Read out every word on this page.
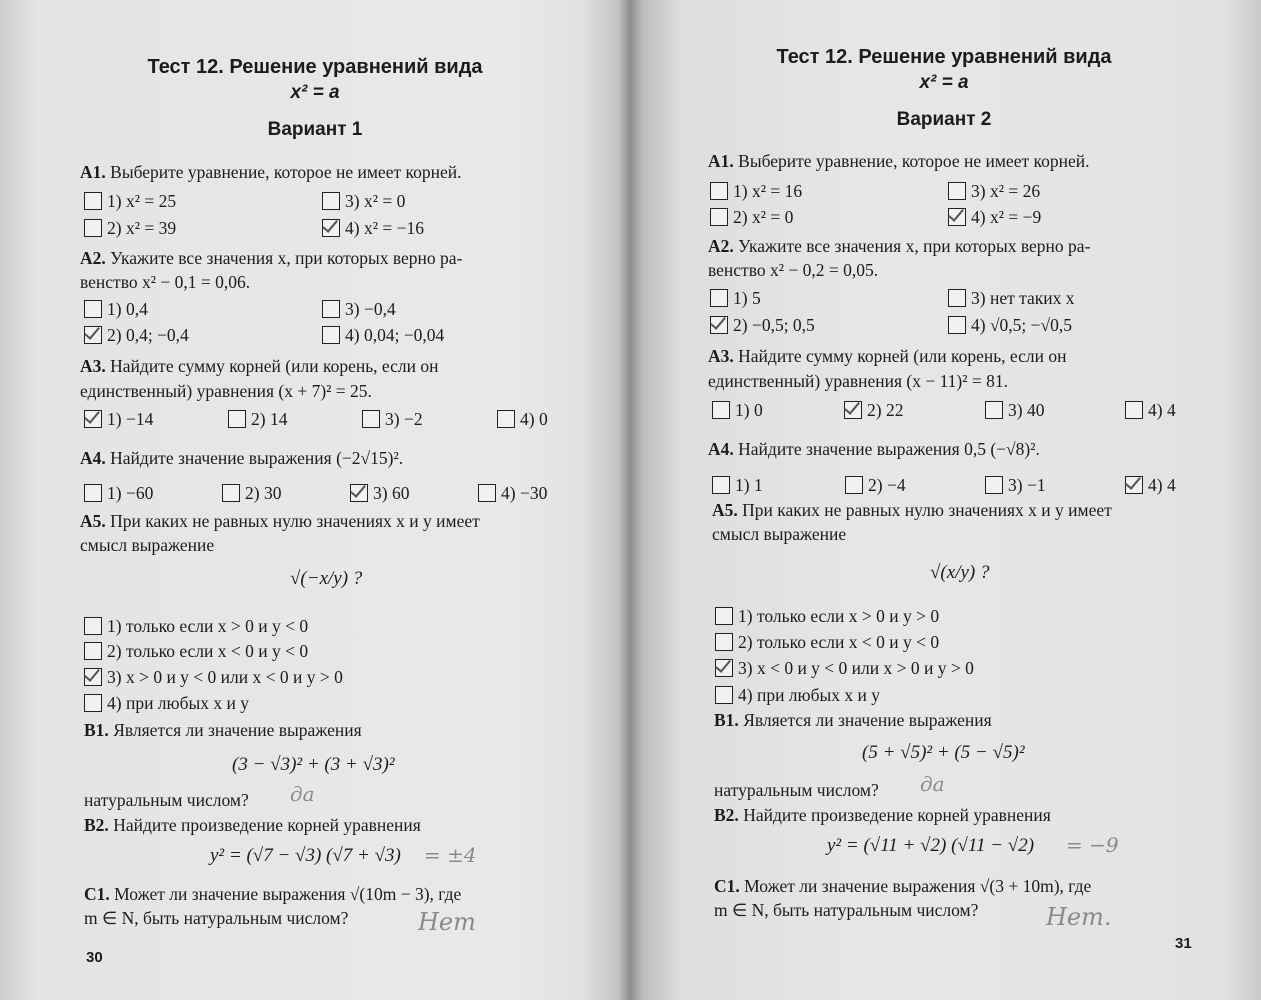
Тест 12. Решение уравнений вида
x² = a
Вариант 1
A1. Выберите уравнение, которое не имеет корней.
1) x² = 25
2) x² = 39
3) x² = 0
4) x² = −16
A2. Укажите все значения x, при которых верно ра-
венство x² − 0,1 = 0,06.
1) 0,4
2) 0,4; −0,4
3) −0,4
4) 0,04; −0,04
A3. Найдите сумму корней (или корень, если он
единственный) уравнения (x + 7)² = 25.
1) −14	2) 14	3) −2	4) 0
A4. Найдите значение выражения (−2√15)².
1) −60	2) 30	3) 60	4) −30
A5. При каких не равных нулю значениях x и y имеет
смысл выражение
√(−x/y) ?
1) только если x > 0 и y < 0
2) только если x < 0 и y < 0
3) x > 0 и y < 0 или x < 0 и y > 0
4) при любых x и y
B1. Является ли значение выражения
(3 − √3)² + (3 + √3)²
натуральным числом? да
B2. Найдите произведение корней уравнения
y² = (√7 − √3) (√7 + √3) = ±4
C1. Может ли значение выражения √(10m − 3), где
m ∈ N, быть натуральным числом?	Нет
30
Тест 12. Решение уравнений вида
x² = a
Вариант 2
A1. Выберите уравнение, которое не имеет корней.
1) x² = 16
2) x² = 0
3) x² = 26
4) x² = −9
A2. Укажите все значения x, при которых верно ра-
венство x² − 0,2 = 0,05.
1) 5
2) −0,5; 0,5
3) нет таких x
4) √0,5; −√0,5
A3. Найдите сумму корней (или корень, если он
единственный) уравнения (x − 11)² = 81.
1) 0	2) 22	3) 40	4) 4
A4. Найдите значение выражения 0,5 (−√8)².
1) 1	2) −4	3) −1	4) 4
A5. При каких не равных нулю значениях x и y имеет
смысл выражение
√(x/y) ?
1) только если x > 0 и y > 0
2) только если x < 0 и y < 0
3) x < 0 и y < 0 или x > 0 и y > 0
4) при любых x и y
B1. Является ли значение выражения
(5 + √5)² + (5 − √5)²
натуральным числом? да
B2. Найдите произведение корней уравнения
y² = (√11 + √2) (√11 − √2) = −9
C1. Может ли значение выражения √(3 + 10m), где
m ∈ N, быть натуральным числом?	Нет.
31
